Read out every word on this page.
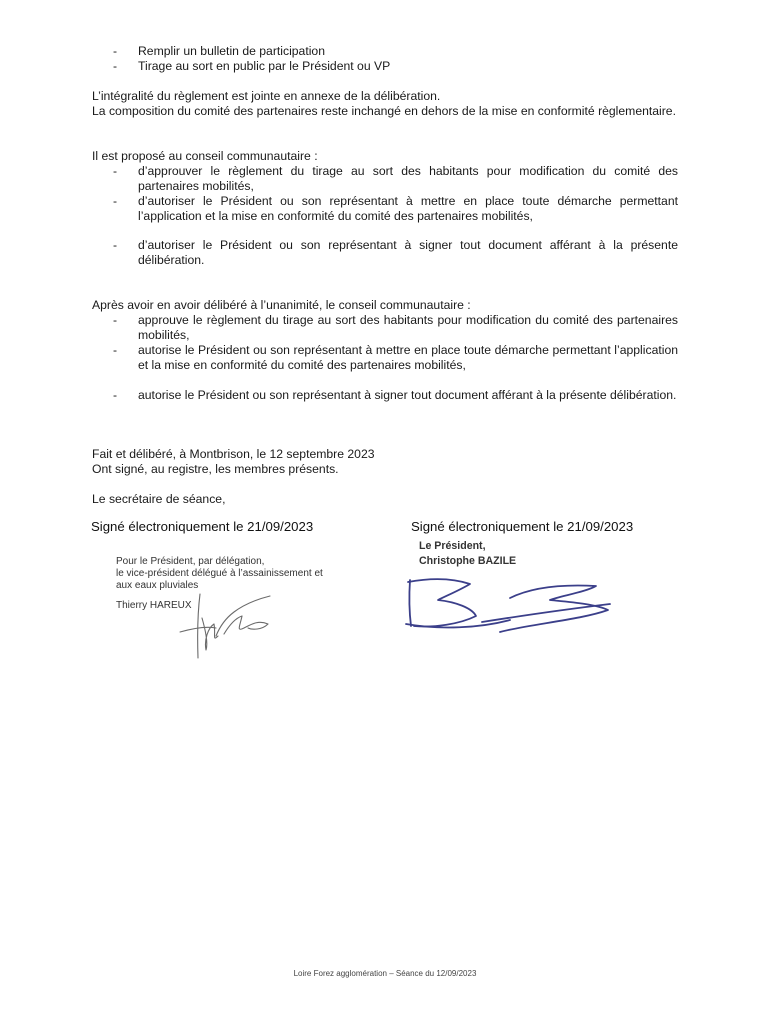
- Remplir un bulletin de participation
- Tirage au sort en public par le Président ou VP
L’intégralité du règlement est jointe en annexe de la délibération.
La composition du comité des partenaires reste inchangé en dehors de la mise en conformité règlementaire.
Il est proposé au conseil communautaire :
- d’approuver le règlement du tirage au sort des habitants pour modification du comité des partenaires mobilités,
- d’autoriser le Président ou son représentant à mettre en place toute démarche permettant l’application et la mise en conformité du comité des partenaires mobilités,
- d’autoriser le Président ou son représentant à signer tout document afférant à la présente délibération.
Après avoir en avoir délibéré à l’unanimité, le conseil communautaire :
- approuve le règlement du tirage au sort des habitants pour modification du comité des partenaires mobilités,
- autorise le Président ou son représentant à mettre en place toute démarche permettant l’application et la mise en conformité du comité des partenaires mobilités,
- autorise le Président ou son représentant à signer tout document afférant à la présente délibération.
Fait et délibéré, à Montbrison, le 12 septembre 2023
Ont signé, au registre, les membres présents.
Le secrétaire de séance,
Signé électroniquement le 21/09/2023	Signé électroniquement le 21/09/2023
Pour le Président, par délégation,
le vice-président délégué à l’assainissement et
aux eaux pluviales
Thierry HAREUX
Le Président,
Christophe BAZILE
Loire Forez agglomération – Séance du 12/09/2023
